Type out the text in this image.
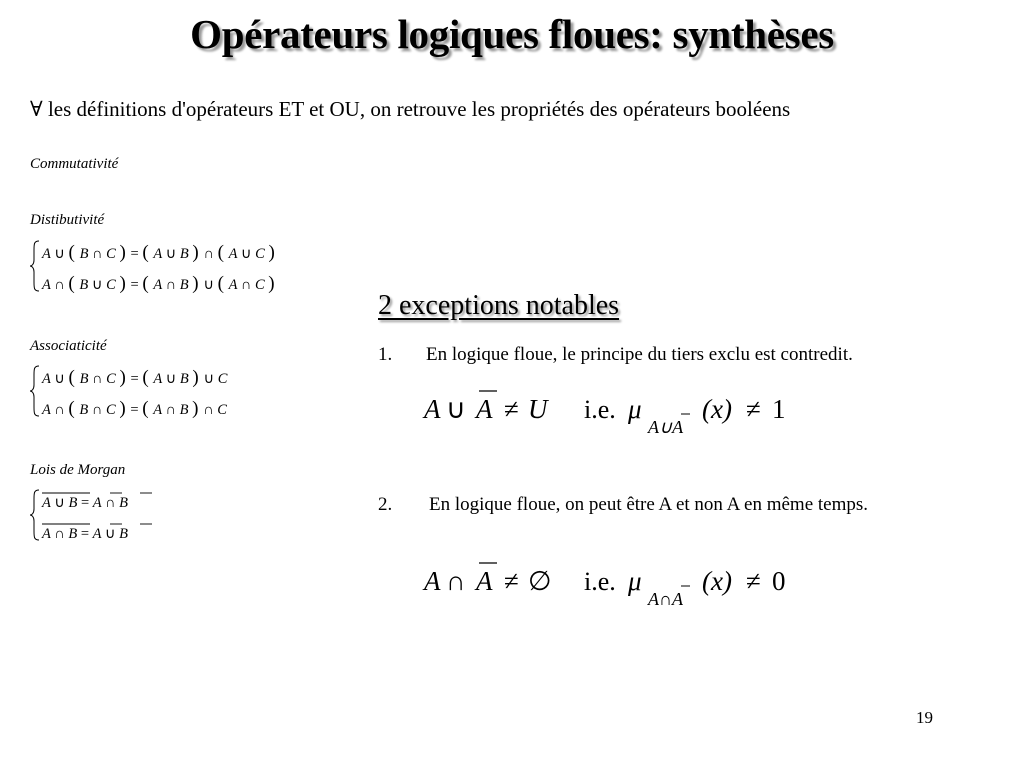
Opérateurs logiques floues: synthèses
∀ les définitions d'opérateurs ET et OU, on retrouve les propriétés des opérateurs booléens
Commutativité
Distibutivité
A ∪ ( B ∩ C ) = ( A ∪ B ) ∩ ( A ∪ C )
A ∩ ( B ∪ C ) = ( A ∩ B ) ∪ ( A ∩ C )
Associaticité
A ∪ ( B ∩ C ) = ( A ∪ B ) ∪ C
A ∩ ( B ∩ C ) = ( A ∩ B ) ∩ C
Lois de Morgan
A ∪ B = A ∩ B
A ∩ B = A ∪ B
2 exceptions notables
1. En logique floue, le principe du tiers exclu est contredit.
A ∪ A ≠ U i.e. μ
A∪A
(x) ≠ 1
2. En logique floue, on peut être A et non A en même temps.
A ∩ A ≠ ∅ i.e. μ
A∩A
(x) ≠ 0
19
